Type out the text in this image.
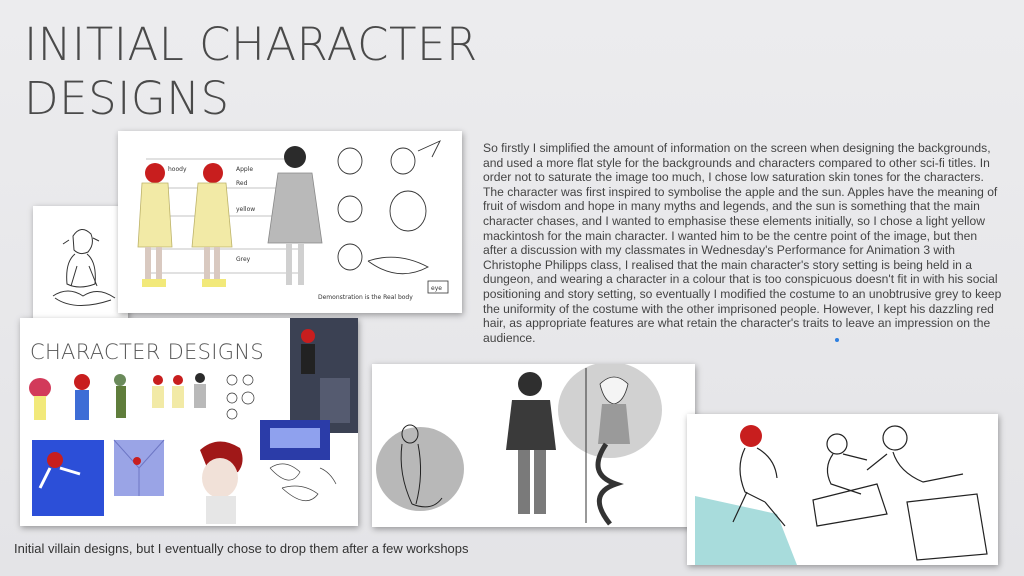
INITIAL CHARACTER
DESIGNS
hoody	Apple
Red
yellow
Grey
eye
Demonstration is the Real body

CHARACTER DESIGNS

So firstly I simplified the amount of information on the screen when designing the backgrounds, and used a more flat style for the backgrounds and characters compared to other sci-fi titles. In order not to saturate the image too much, I chose low saturation skin tones for the characters. The character was first inspired to symbolise the apple and the sun. Apples have the meaning of fruit of wisdom and hope in many myths and legends, and the sun is something that the main character chases, and I wanted to emphasise these elements initially, so I chose a light yellow mackintosh for the main character. I wanted him to be the centre point of the image, but then after a discussion with my classmates in Wednesday's Performance for Animation 3 with Christophe Philipps class, I realised that the main character's story setting is being held in a dungeon, and wearing a character in a colour that is too conspicuous doesn't fit in with his social positioning and story setting, so eventually I modified the costume to an unobtrusive grey to keep the uniformity of the costume with the other imprisoned people. However, I kept his dazzling red hair, as appropriate features are what retain the character's traits to leave an impression on the audience.

Initial villain designs, but I eventually chose to drop them after a few workshops
